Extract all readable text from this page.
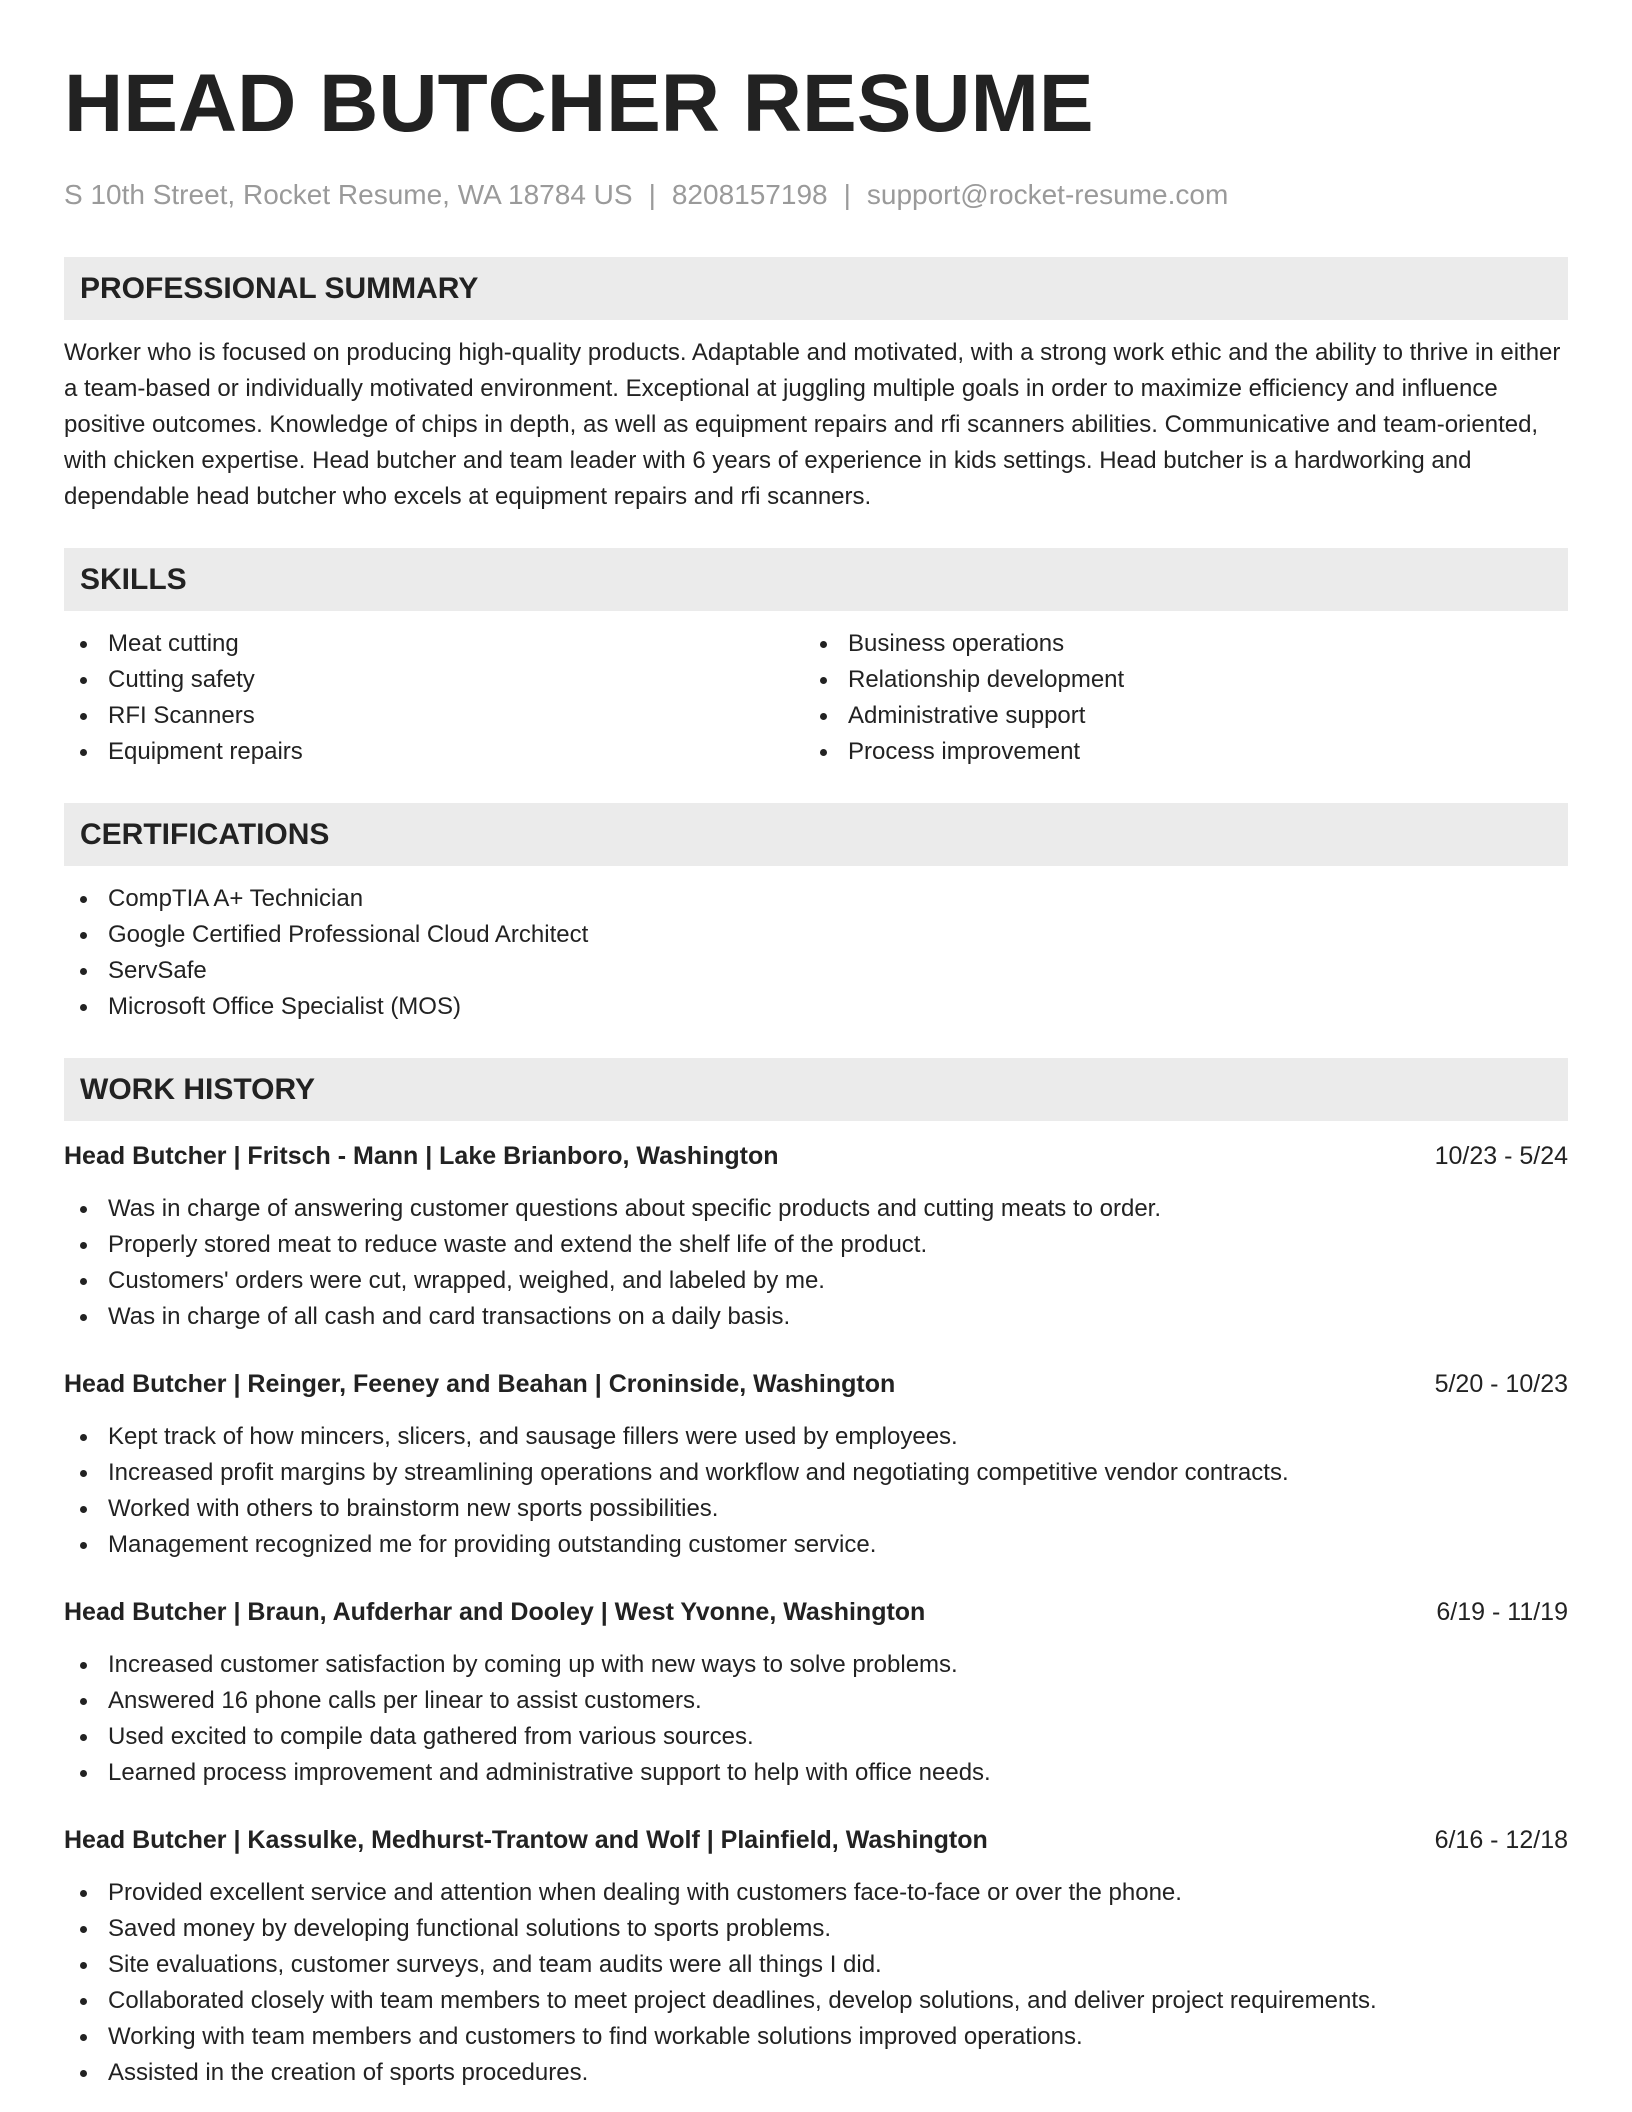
HEAD BUTCHER RESUME
S 10th Street, Rocket Resume, WA 18784 US | 8208157198 | support@rocket-resume.com
PROFESSIONAL SUMMARY

Worker who is focused on producing high-quality products. Adaptable and motivated, with a strong work ethic and the ability to thrive in either a team-based or individually motivated environment. Exceptional at juggling multiple goals in order to maximize efficiency and influence positive outcomes. Knowledge of chips in depth, as well as equipment repairs and rfi scanners abilities. Communicative and team-oriented, with chicken expertise. Head butcher and team leader with 6 years of experience in kids settings. Head butcher is a hardworking and dependable head butcher who excels at equipment repairs and rfi scanners.

SKILLS
Meat cutting
Cutting safety
RFI Scanners
Equipment repairs
Business operations
Relationship development
Administrative support
Process improvement
CERTIFICATIONS
CompTIA A+ Technician
Google Certified Professional Cloud Architect
ServSafe
Microsoft Office Specialist (MOS)
WORK HISTORY
Head Butcher | Fritsch - Mann | Lake Brianboro, Washington	10/23 - 5/24
Was in charge of answering customer questions about specific products and cutting meats to order.
Properly stored meat to reduce waste and extend the shelf life of the product.
Customers' orders were cut, wrapped, weighed, and labeled by me.
Was in charge of all cash and card transactions on a daily basis.
Head Butcher | Reinger, Feeney and Beahan | Croninside, Washington	5/20 - 10/23
Kept track of how mincers, slicers, and sausage fillers were used by employees.
Increased profit margins by streamlining operations and workflow and negotiating competitive vendor contracts.
Worked with others to brainstorm new sports possibilities.
Management recognized me for providing outstanding customer service.
Head Butcher | Braun, Aufderhar and Dooley | West Yvonne, Washington	6/19 - 11/19
Increased customer satisfaction by coming up with new ways to solve problems.
Answered 16 phone calls per linear to assist customers.
Used excited to compile data gathered from various sources.
Learned process improvement and administrative support to help with office needs.
Head Butcher | Kassulke, Medhurst-Trantow and Wolf | Plainfield, Washington	6/16 - 12/18
Provided excellent service and attention when dealing with customers face-to-face or over the phone.
Saved money by developing functional solutions to sports problems.
Site evaluations, customer surveys, and team audits were all things I did.
Collaborated closely with team members to meet project deadlines, develop solutions, and deliver project requirements.
Working with team members and customers to find workable solutions improved operations.
Assisted in the creation of sports procedures.
